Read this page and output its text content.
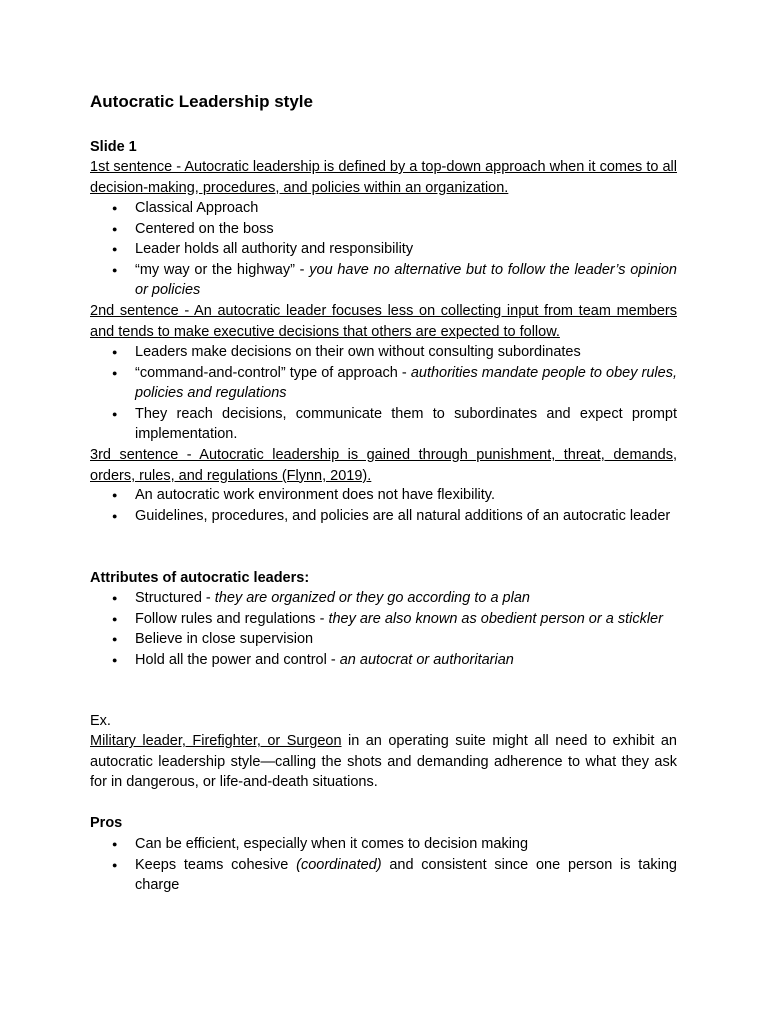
Autocratic Leadership style
Slide 1
1st sentence - Autocratic leadership is defined by a top-down approach when it comes to all decision-making, procedures, and policies within an organization.
● Classical Approach
● Centered on the boss
● Leader holds all authority and responsibility
● “my way or the highway” - you have no alternative but to follow the leader’s opinion or policies
2nd sentence - An autocratic leader focuses less on collecting input from team members and tends to make executive decisions that others are expected to follow.
● Leaders make decisions on their own without consulting subordinates
● “command-and-control” type of approach - authorities mandate people to obey rules, policies and regulations
● They reach decisions, communicate them to subordinates and expect prompt implementation.
3rd sentence - Autocratic leadership is gained through punishment, threat, demands, orders, rules, and regulations (Flynn, 2019).
● An autocratic work environment does not have flexibility.
● Guidelines, procedures, and policies are all natural additions of an autocratic leader
Attributes of autocratic leaders:
● Structured - they are organized or they go according to a plan
● Follow rules and regulations - they are also known as obedient person or a stickler
● Believe in close supervision
● Hold all the power and control - an autocrat or authoritarian
Ex.
Military leader, Firefighter, or Surgeon in an operating suite might all need to exhibit an autocratic leadership style—calling the shots and demanding adherence to what they ask for in dangerous, or life-and-death situations.
Pros
● Can be efficient, especially when it comes to decision making
● Keeps teams cohesive (coordinated) and consistent since one person is taking charge
